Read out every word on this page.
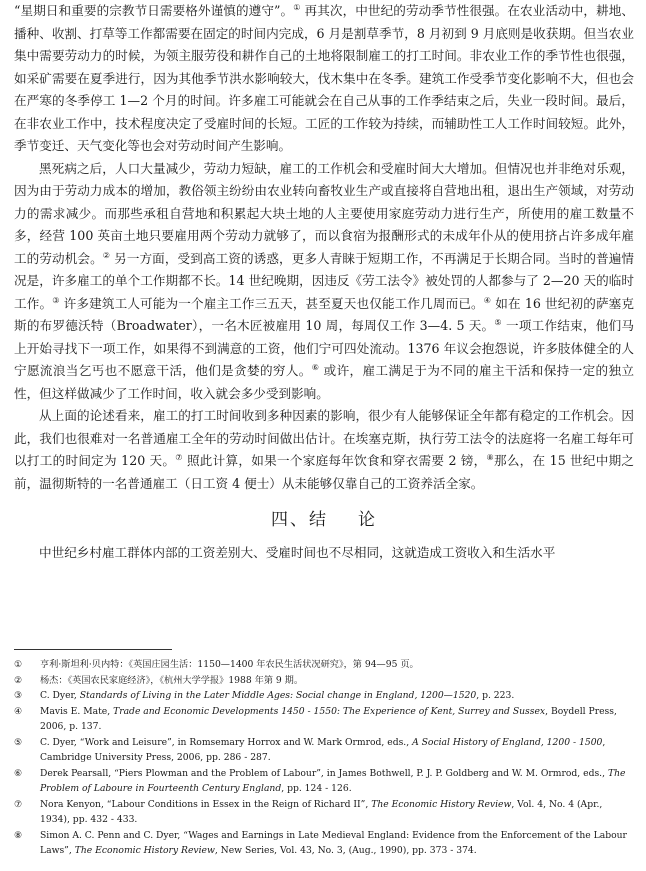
“星期日和重要的宗教节日需要格外谨慎的遵守”。① 再其次，中世纪的劳动季节性很强。在农业活动中，耕地、播种、收割、打草等工作都需要在固定的时间内完成，6 月是割草季节，8 月初到 9 月底则是收获期。但当农业集中需要劳动力的时候，为领主服劳役和耕作自己的土地将限制雇工的打工时间。非农业工作的季节性也很强，如采矿需要在夏季进行，因为其他季节洪水影响较大，伐木集中在冬季。建筑工作受季节变化影响不大，但也会在严寒的冬季停工 1—2 个月的时间。许多雇工可能就会在自己从事的工作季结束之后，失业一段时间。最后，在非农业工作中，技术程度决定了受雇时间的长短。工匠的工作较为持续，而辅助性工人工作时间较短。此外，季节变迁、天气变化等也会对劳动时间产生影响。

黑死病之后，人口大量减少，劳动力短缺，雇工的工作机会和受雇时间大大增加。但情况也并非绝对乐观，因为由于劳动力成本的增加，教俗领主纷纷由农业转向畜牧业生产或直接将自营地出租，退出生产领域，对劳动力的需求减少。而那些承租自营地和积累起大块土地的人主要使用家庭劳动力进行生产，所使用的雇工数量不多，经营 100 英亩土地只要雇用两个劳动力就够了，而以食宿为报酬形式的未成年仆从的使用挤占许多成年雇工的劳动机会。② 另一方面，受到高工资的诱惑，更多人青睐于短期工作，不再满足于长期合同。当时的普遍情况是，许多雇工的单个工作期都不长。14 世纪晚期，因违反《劳工法令》被处罚的人都参与了 2—20 天的临时工作。③ 许多建筑工人可能为一个雇主工作三五天，甚至夏天也仅能工作几周而已。④ 如在 16 世纪初的萨塞克斯的布罗德沃特（Broadwater），一名木匠被雇用 10 周，每周仅工作 3—4. 5 天。⑤ 一项工作结束，他们马上开始寻找下一项工作，如果得不到满意的工资，他们宁可四处流动。1376 年议会抱怨说，许多肢体健全的人宁愿流浪当乞丐也不愿意干活，他们是贪婪的穷人。⑥ 或许，雇工满足于为不同的雇主干活和保持一定的独立性，但这样做减少了工作时间，收入就会多少受到影响。

从上面的论述看来，雇工的打工时间收到多种因素的影响，很少有人能够保证全年都有稳定的工作机会。因此，我们也很难对一名普通雇工全年的劳动时间做出估计。在埃塞克斯，执行劳工法令的法庭将一名雇工每年可以打工的时间定为 120 天。⑦ 照此计算，如果一个家庭每年饮食和穿衣需要 2 镑，⑧那么，在 15 世纪中期之前，温彻斯特的一名普通雇工（日工资 4 便士）从未能够仅靠自己的工资养活全家。

四、结 论

中世纪乡村雇工群体内部的工资差别大、受雇时间也不尽相同，这就造成工资收入和生活水平

①	亨利·斯坦利·贝内特：《英国庄园生活：1150—1400 年农民生活状况研究》，第 94—95 页。

②	杨杰：《英国农民家庭经济》，《杭州大学学报》1988 年第 9 期。

③	C. Dyer, Standards of Living in the Later Middle Ages: Social change in England, 1200—1520, p. 223.

④	Mavis E. Mate, Trade and Economic Developments 1450 - 1550: The Experience of Kent, Surrey and Sussex, Boydell Press, 2006, p. 137.

⑤	C. Dyer, “Work and Leisure”, in Romsemary Horrox and W. Mark Ormrod, eds., A Social History of England, 1200 - 1500, Cambridge University Press, 2006, pp. 286 - 287.

⑥	Derek Pearsall, “Piers Plowman and the Problem of Labour”, in James Bothwell, P. J. P. Goldberg and W. M. Ormrod, eds., The Problem of Laboure in Fourteenth Century England, pp. 124 - 126.

⑦	Nora Kenyon, “Labour Conditions in Essex in the Reign of Richard II”, The Economic History Review, Vol. 4, No. 4 (Apr., 1934), pp. 432 - 433.

⑧	Simon A. C. Penn and C. Dyer, “Wages and Earnings in Late Medieval England: Evidence from the Enforcement of the Labour Laws”, The Economic History Review, New Series, Vol. 43, No. 3, (Aug., 1990), pp. 373 - 374.
